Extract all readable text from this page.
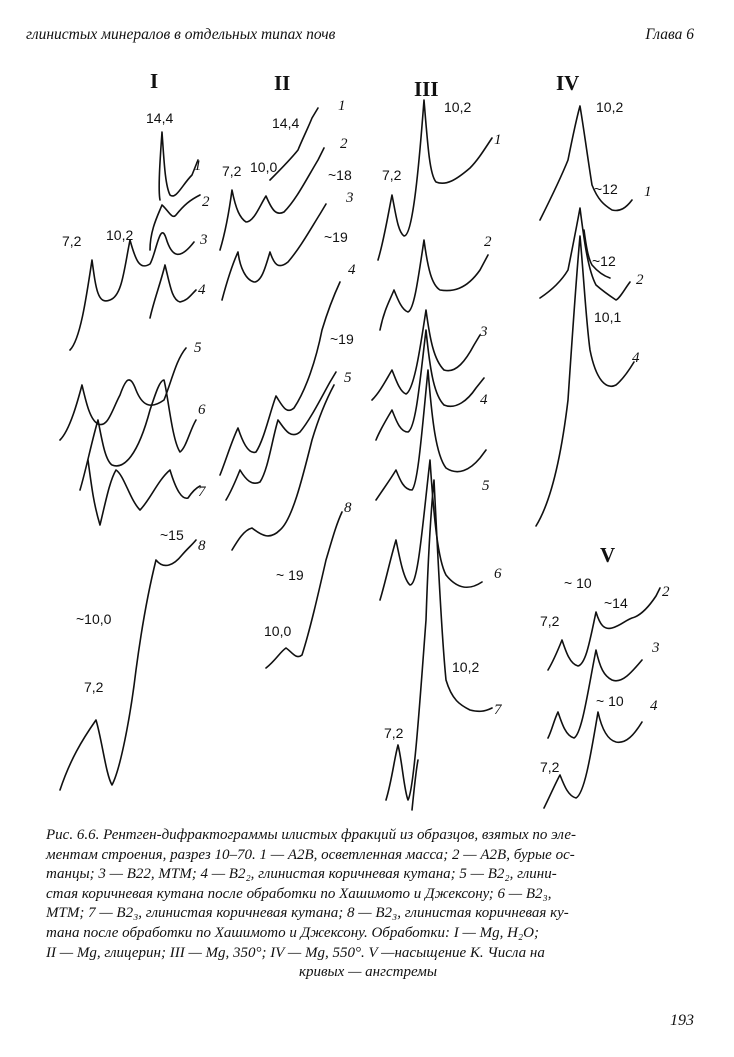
глинистых минералов в отдельных типах почв	Глава 6
I	II	III	IV
V
14,4
7,2 10,2
~15
~10,0
7,2
1
2
3
4
5
6
7
8
14,4
7,2 10,0	~18
~19
~19
~ 19
10,0
1
2
3
4
5
8
10,2
7,2
10,2
7,2
1
2
3
4
5
6
7
10,2
~12
~12
10,1
1
2
4
~ 10
~14
7,2
~ 10
7,2
2
3
4
Рис. 6.6. Рентген-дифрактограммы илистых фракций из образцов, взятых по эле-
ментам строения, разрез 10–70. 1 — А2В, осветленная масса; 2 — А2В, бурые ос-
танцы; 3 — В22, МТМ; 4 — В2₂, глинистая коричневая кутана; 5 — В2₂, глини-
стая коричневая кутана после обработки по Хашимото и Джексону; 6 — В2₃,
МТМ; 7 — В2₃, глинистая коричневая кутана; 8 — В2₃, глинистая коричневая ку-
тана после обработки по Хашимото и Джексону. Обработки: I — Mg, H₂O;
II — Mg, глицерин; III — Mg, 350°; IV — Mg, 550°. V —насыщение К. Числа на
кривых — ангстремы
193
